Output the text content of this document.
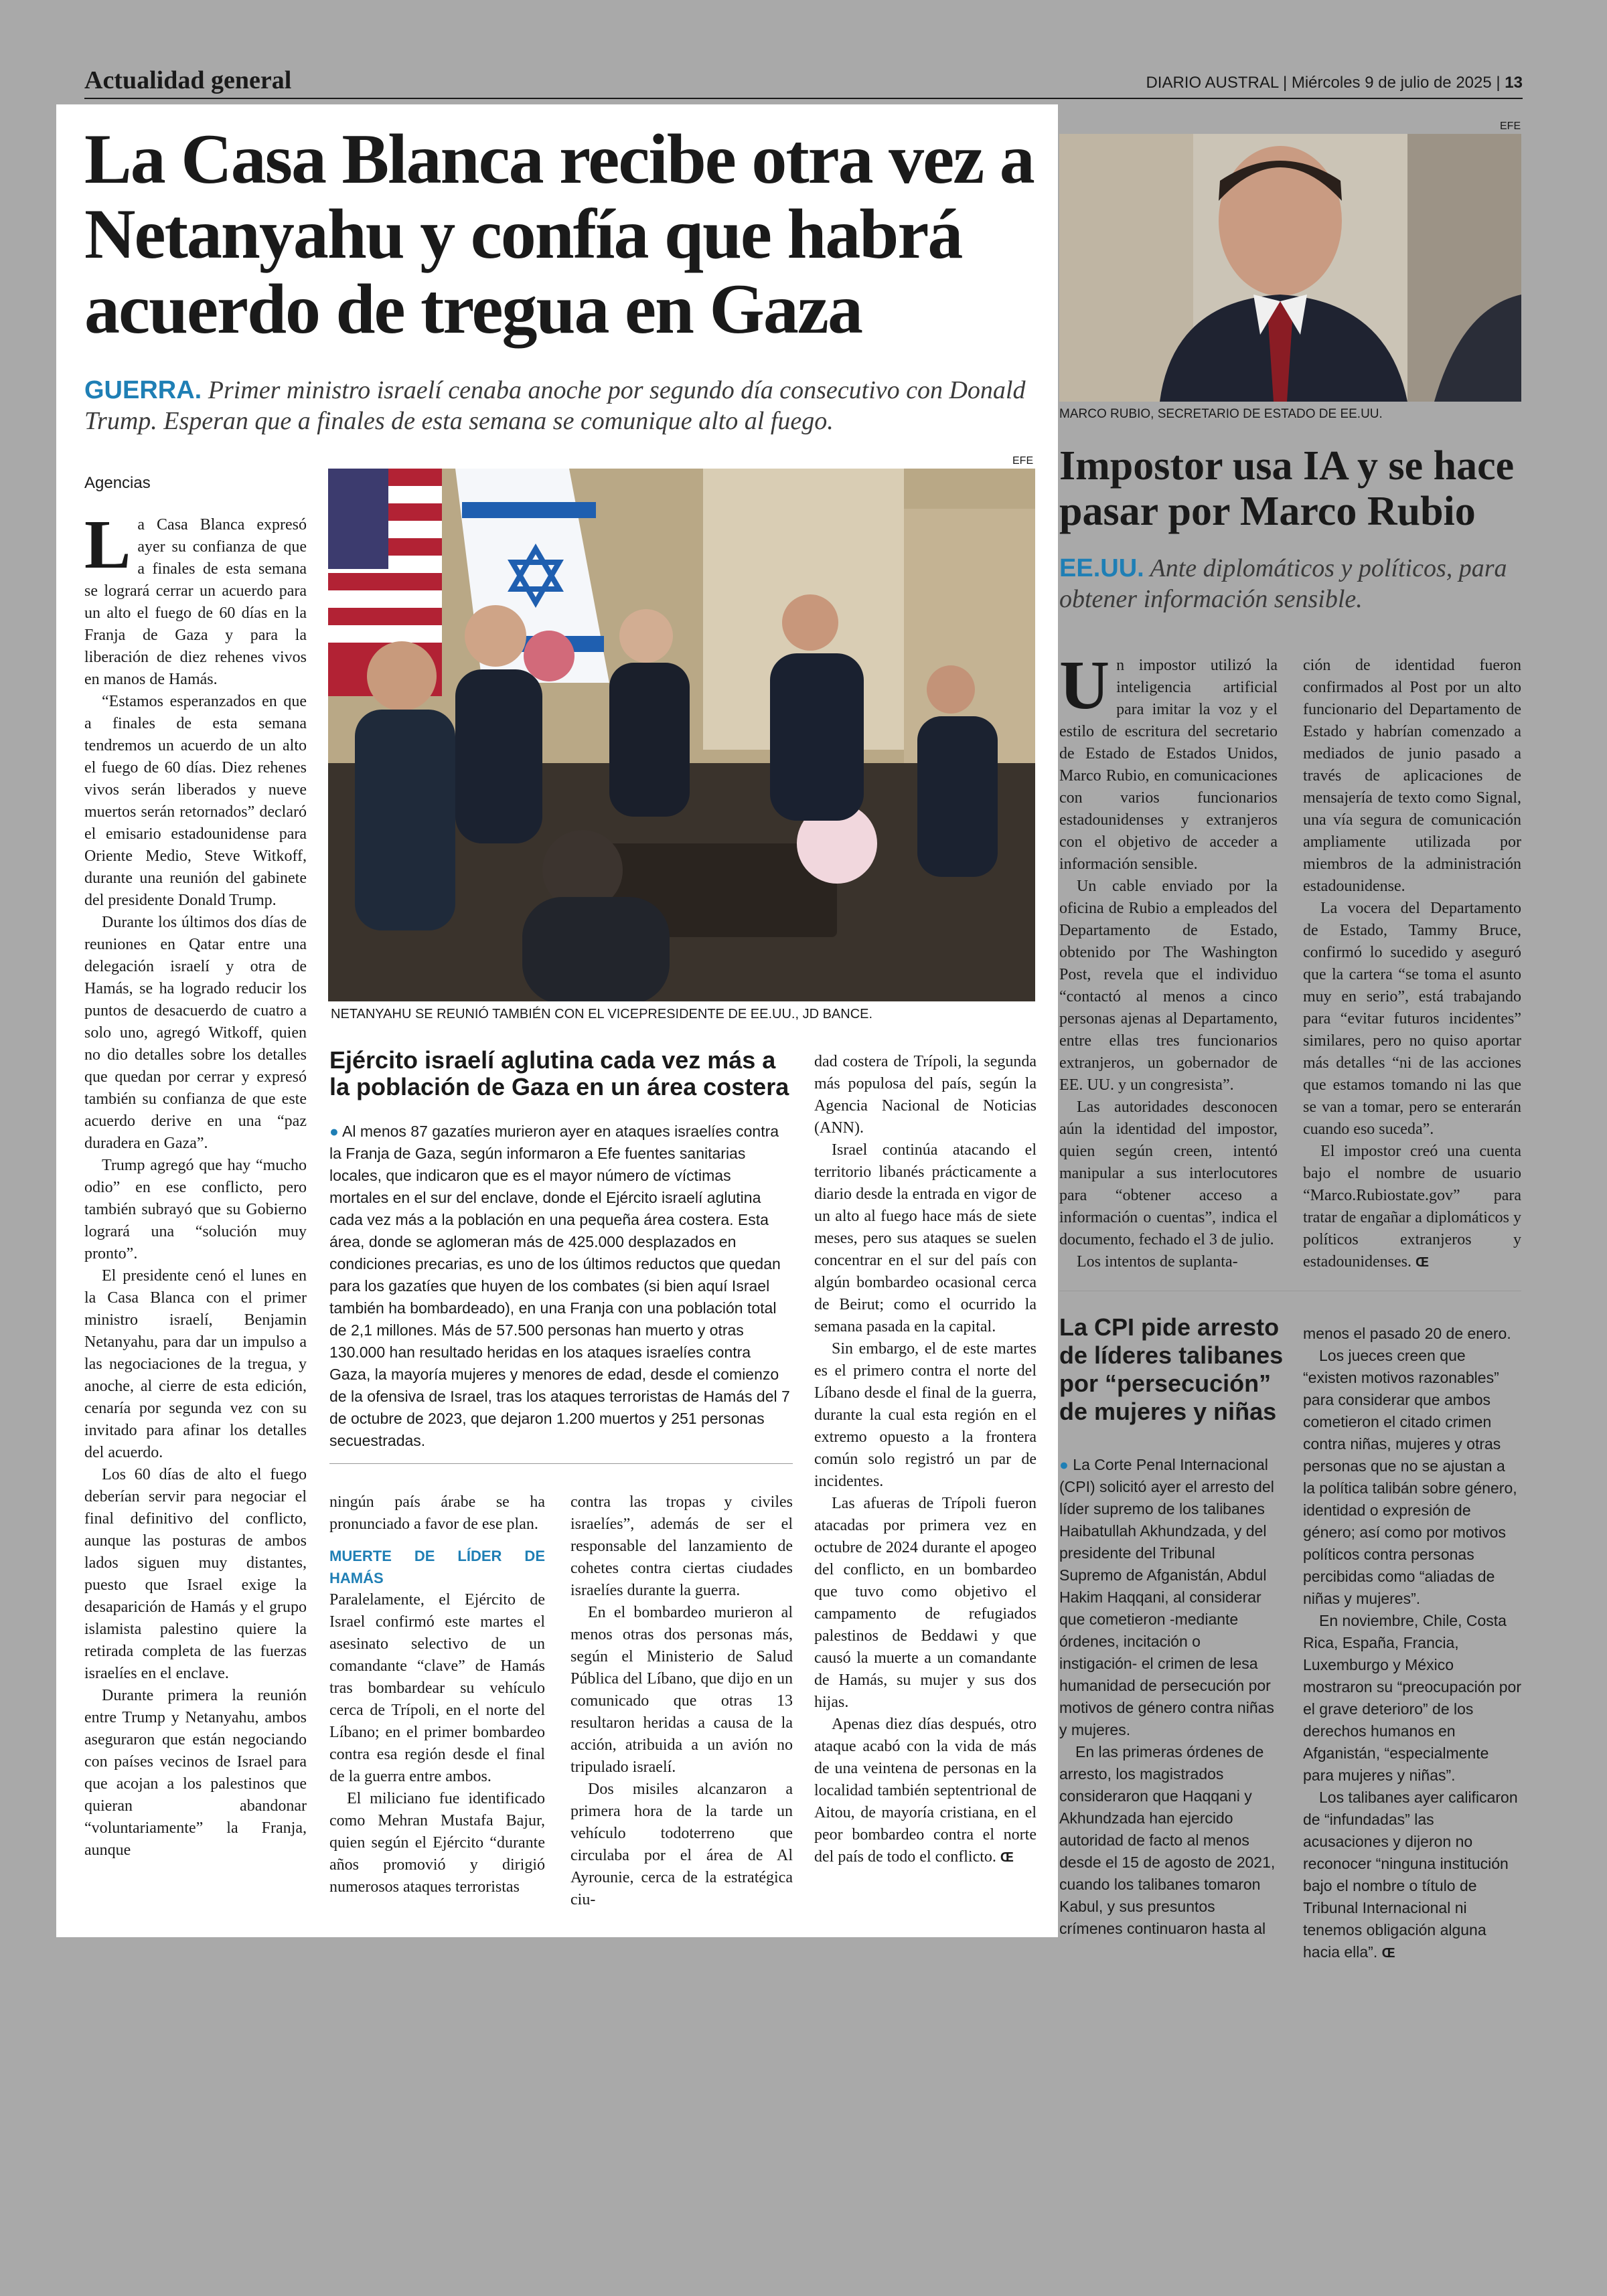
Actualidad general	DIARIO AUSTRAL | Miércoles 9 de julio de 2025 | 13
La Casa Blanca recibe otra vez a Netanyahu y confía que habrá acuerdo de tregua en Gaza

GUERRA. Primer ministro israelí cenaba anoche por segundo día consecutivo con Donald Trump. Esperan que a finales de esta semana se comunique alto al fuego.

Agencias

La Casa Blanca expresó ayer su confianza de que a finales de esta semana se logrará cerrar un acuerdo para un alto el fuego de 60 días en la Franja de Gaza y para la liberación de diez rehenes vivos en manos de Hamás.

“Estamos esperanzados en que a finales de esta semana tendremos un acuerdo de un alto el fuego de 60 días. Diez rehenes vivos serán liberados y nueve muertos serán retornados” declaró el emisario estadounidense para Oriente Medio, Steve Witkoff, durante una reunión del gabinete del presidente Donald Trump.

Durante los últimos dos días de reuniones en Qatar entre una delegación israelí y otra de Hamás, se ha logrado reducir los puntos de desacuerdo de cuatro a solo uno, agregó Witkoff, quien no dio detalles sobre los detalles que quedan por cerrar y expresó también su confianza de que este acuerdo derive en una “paz duradera en Gaza”.

Trump agregó que hay “mucho odio” en ese conflicto, pero también subrayó que su Gobierno logrará una “solución muy pronto”.

El presidente cenó el lunes en la Casa Blanca con el primer ministro israelí, Benjamin Netanyahu, para dar un impulso a las negociaciones de la tregua, y anoche, al cierre de esta edición, cenaría por segunda vez con su invitado para afinar los detalles del acuerdo.

Los 60 días de alto el fuego deberían servir para negociar el final definitivo del conflicto, aunque las posturas de ambos lados siguen muy distantes, puesto que Israel exige la desaparición de Hamás y el grupo islamista palestino quiere la retirada completa de las fuerzas israelíes en el enclave.

Durante primera la reunión entre Trump y Netanyahu, ambos aseguraron que están negociando con países vecinos de Israel para que acojan a los palestinos que quieran abandonar “voluntariamente” la Franja, aunque

EFE
NETANYAHU SE REUNIÓ TAMBIÉN CON EL VICEPRESIDENTE DE EE.UU., JD BANCE.
Ejército israelí aglutina cada vez más a la población de Gaza en un área costera

● Al menos 87 gazatíes murieron ayer en ataques israelíes contra la Franja de Gaza, según informaron a Efe fuentes sanitarias locales, que indicaron que es el mayor número de víctimas mortales en el sur del enclave, donde el Ejército israelí aglutina cada vez más a la población en una pequeña área costera. Esta área, donde se aglomeran más de 425.000 desplazados en condiciones precarias, es uno de los últimos reductos que quedan para los gazatíes que huyen de los combates (si bien aquí Israel también ha bombardeado), en una Franja con una población total de 2,1 millones. Más de 57.500 personas han muerto y otras 130.000 han resultado heridas en los ataques israelíes contra Gaza, la mayoría mujeres y menores de edad, desde el comienzo de la ofensiva de Israel, tras los ataques terroristas de Hamás del 7 de octubre de 2023, que dejaron 1.200 muertos y 251 personas secuestradas.

ningún país árabe se ha pronunciado a favor de ese plan.

MUERTE DE LÍDER DE HAMÁS

Paralelamente, el Ejército de Israel confirmó este martes el asesinato selectivo de un comandante “clave” de Hamás tras bombardear su vehículo cerca de Trípoli, en el norte del Líbano; en el primer bombardeo contra esa región desde el final de la guerra entre ambos.

El miliciano fue identificado como Mehran Mustafa Bajur, quien según el Ejército “durante años promovió y dirigió numerosos ataques terroristas

contra las tropas y civiles israelíes”, además de ser el responsable del lanzamiento de cohetes contra ciertas ciudades israelíes durante la guerra.

En el bombardeo murieron al menos otras dos personas más, según el Ministerio de Salud Pública del Líbano, que dijo en un comunicado que otras 13 resultaron heridas a causa de la acción, atribuida a un avión no tripulado israelí.

Dos misiles alcanzaron a primera hora de la tarde un vehículo todoterreno que circulaba por el área de Al Ayrounie, cerca de la estratégica ciu-

dad costera de Trípoli, la segunda más populosa del país, según la Agencia Nacional de Noticias (ANN).

Israel continúa atacando el territorio libanés prácticamente a diario desde la entrada en vigor de un alto al fuego hace más de siete meses, pero sus ataques se suelen concentrar en el sur del país con algún bombardeo ocasional cerca de Beirut; como el ocurrido la semana pasada en la capital.

Sin embargo, el de este martes es el primero contra el norte del Líbano desde el final de la guerra, durante la cual esta región en el extremo opuesto a la frontera común solo registró un par de incidentes.

Las afueras de Trípoli fueron atacadas por primera vez en octubre de 2024 durante el apogeo del conflicto, en un bombardeo que tuvo como objetivo el campamento de refugiados palestinos de Beddawi y que causó la muerte a un comandante de Hamás, su mujer y sus dos hijas.

Apenas diez días después, otro ataque acabó con la vida de más de una veintena de personas en la localidad también septentrional de Aitou, de mayoría cristiana, en el peor bombardeo contra el norte del país de todo el conflicto. Œ

EFE
MARCO RUBIO, SECRETARIO DE ESTADO DE EE.UU.
Impostor usa IA y se hace pasar por Marco Rubio

EE.UU. Ante diplomáticos y políticos, para obtener información sensible.

Un impostor utilizó la inteligencia artificial para imitar la voz y el estilo de escritura del secretario de Estado de Estados Unidos, Marco Rubio, en comunicaciones con varios funcionarios estadounidenses y extranjeros con el objetivo de acceder a información sensible.

Un cable enviado por la oficina de Rubio a empleados del Departamento de Estado, obtenido por The Washington Post, revela que el individuo “contactó al menos a cinco personas ajenas al Departamento, entre ellas tres funcionarios extranjeros, un gobernador de EE. UU. y un congresista”.

Las autoridades desconocen aún la identidad del impostor, quien según creen, intentó manipular a sus interlocutores para “obtener acceso a información o cuentas”, indica el documento, fechado el 3 de julio.

Los intentos de suplanta-

ción de identidad fueron confirmados al Post por un alto funcionario del Departamento de Estado y habrían comenzado a mediados de junio pasado a través de aplicaciones de mensajería de texto como Signal, una vía segura de comunicación ampliamente utilizada por miembros de la administración estadounidense.

La vocera del Departamento de Estado, Tammy Bruce, confirmó lo sucedido y aseguró que la cartera “se toma el asunto muy en serio”, está trabajando para “evitar futuros incidentes” similares, pero no quiso aportar más detalles “ni de las acciones que estamos tomando ni las que se van a tomar, pero se enterarán cuando eso suceda”.

El impostor creó una cuenta bajo el nombre de usuario “Marco.Rubiostate.gov” para tratar de engañar a diplomáticos y políticos extranjeros y estadounidenses. Œ

La CPI pide arresto de líderes talibanes por “persecución” de mujeres y niñas

● La Corte Penal Internacional (CPI) solicitó ayer el arresto del líder supremo de los talibanes Haibatullah Akhundzada, y del presidente del Tribunal Supremo de Afganistán, Abdul Hakim Haqqani, al considerar que cometieron -mediante órdenes, incitación o instigación- el crimen de lesa humanidad de persecución por motivos de género contra niñas y mujeres.

En las primeras órdenes de arresto, los magistrados consideraron que Haqqani y Akhundzada han ejercido autoridad de facto al menos desde el 15 de agosto de 2021, cuando los talibanes tomaron Kabul, y sus presuntos crímenes continuaron hasta al

menos el pasado 20 de enero.

Los jueces creen que “existen motivos razonables” para considerar que ambos cometieron el citado crimen contra niñas, mujeres y otras personas que no se ajustan a la política talibán sobre género, identidad o expresión de género; así como por motivos políticos contra personas percibidas como “aliadas de niñas y mujeres”.

En noviembre, Chile, Costa Rica, España, Francia, Luxemburgo y México mostraron su “preocupación por el grave deterioro” de los derechos humanos en Afganistán, “especialmente para mujeres y niñas”.

Los talibanes ayer calificaron de “infundadas” las acusaciones y dijeron no reconocer “ninguna institución bajo el nombre o título de Tribunal Internacional ni tenemos obligación alguna hacia ella”. Œ
